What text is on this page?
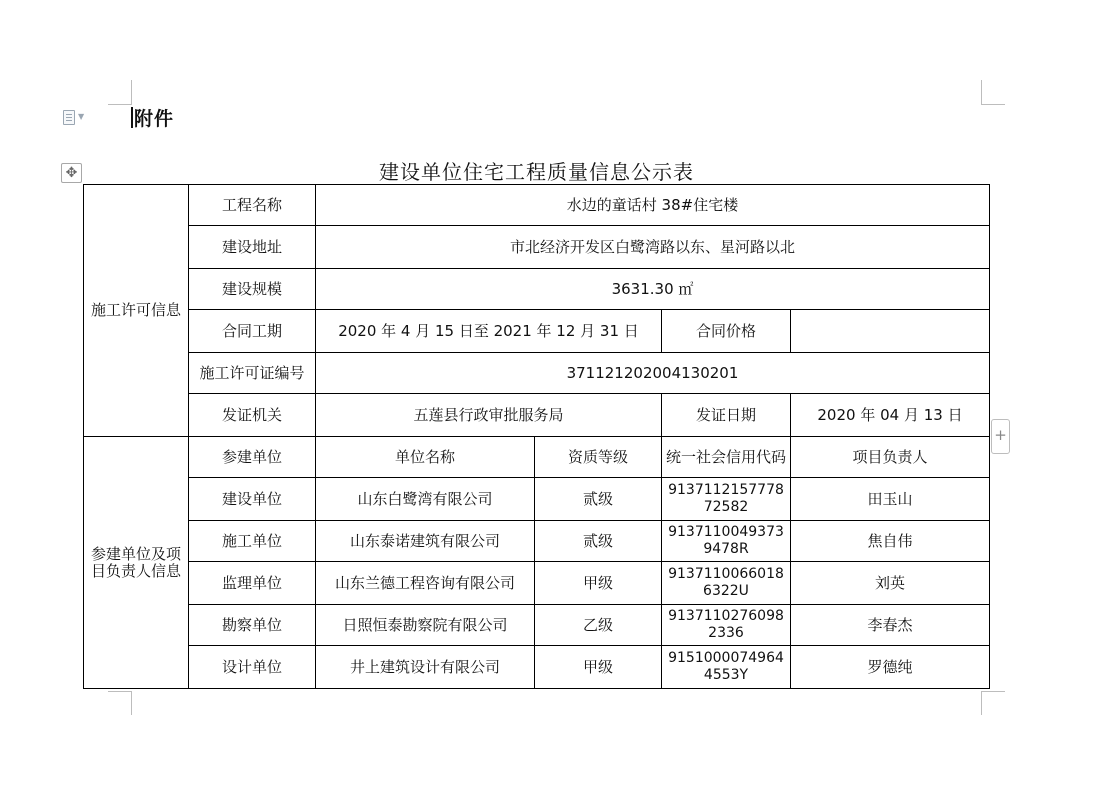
▼	附件
✥
+
建设单位住宅工程质量信息公示表
施工许可信息	工程名称	水边的童话村 38#住宅楼			
	建设地址	市北经济开发区白鹭湾路以东、星河路以北			
	建设规模	3631.30 ㎡			
	合同工期	2020 年 4 月 15 日至 2021 年 12 月 31 日		合同价格	
	施工许可证编号	371121202004130201			
	发证机关	五莲县行政审批服务局		发证日期	2020 年 04 月 13 日
参建单位及项目负责人信息	参建单位	单位名称	资质等级	统一社会信用代码	项目负责人
	建设单位	山东白鹭湾有限公司	贰级	913711215777872582	田玉山
	施工单位	山东泰诺建筑有限公司	贰级	91371100493739478R	焦自伟
	监理单位	山东兰德工程咨询有限公司	甲级	91371100660186322U	刘英
	勘察单位	日照恒泰勘察院有限公司	乙级	91371102760982336	李春杰
	设计单位	井上建筑设计有限公司	甲级	91510000749644553Y	罗德纯
